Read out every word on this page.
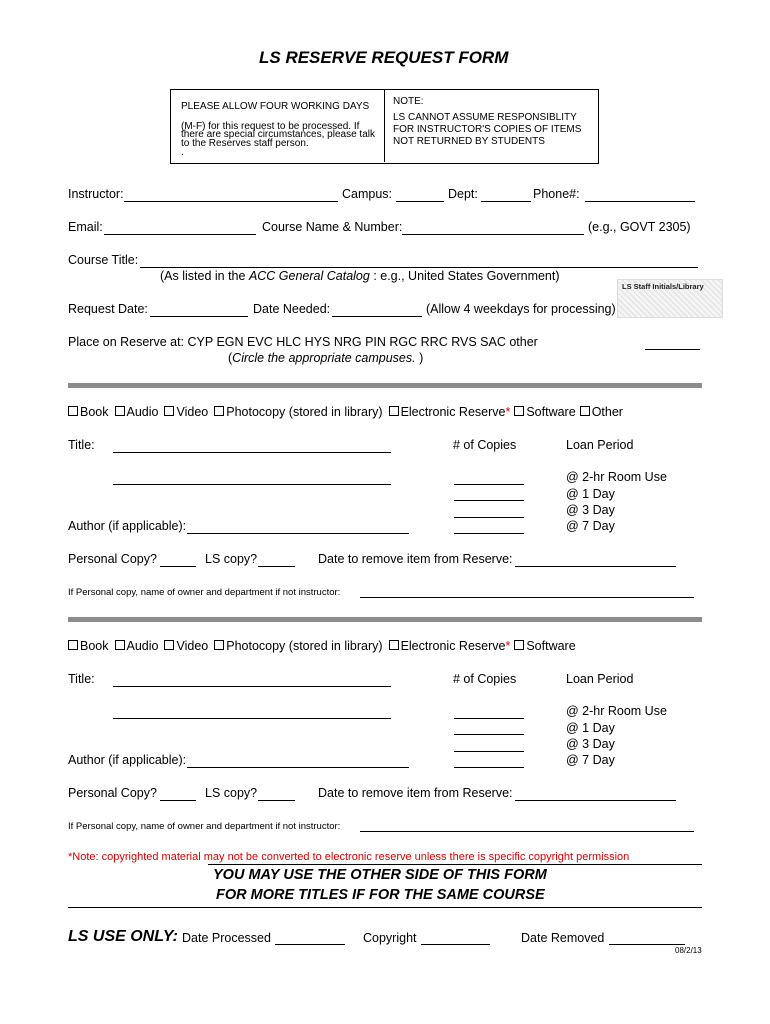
LS RESERVE REQUEST FORM
PLEASE ALLOW FOUR WORKING DAYS
(M-F) for this request to be processed. If
there are special circumstances, please talk
to the Reserves staff person.
.
NOTE:
LS CANNOT ASSUME RESPONSIBLITY
FOR INSTRUCTOR'S COPIES OF ITEMS
NOT RETURNED BY STUDENTS
Instructor:	Campus:	Dept:	Phone#:
Email:	Course Name & Number:	(e.g., GOVT 2305)
Course Title:
(As listed in the ACC General Catalog : e.g., United States Government)
LS Staff Initials/Library
Request Date:	Date Needed:	(Allow 4 weekdays for processing)
Place on Reserve at: CYP EGN EVC HLC HYS NRG PIN RGC RRC RVS SAC other
(Circle the appropriate campuses. )
Book Audio Video Photocopy (stored in library) Electronic Reserve* Software Other
Title:	# of Copies	Loan Period
@ 2-hr Room Use
@ 1 Day
@ 3 Day
@ 7 Day
Author (if applicable):
Personal Copy?	LS copy?	Date to remove item from Reserve:
If Personal copy, name of owner and department if not instructor:
Book Audio Video Photocopy (stored in library) Electronic Reserve* Software
Title:	# of Copies	Loan Period
@ 2-hr Room Use
@ 1 Day
@ 3 Day
@ 7 Day
Author (if applicable):
Personal Copy?	LS copy?	Date to remove item from Reserve:
If Personal copy, name of owner and department if not instructor:
*Note: copyrighted material may not be converted to electronic reserve unless there is specific copyright permission
YOU MAY USE THE OTHER SIDE OF THIS FORM
FOR MORE TITLES IF FOR THE SAME COURSE
LS USE ONLY: Date Processed	Copyright	Date Removed
08/2/13
